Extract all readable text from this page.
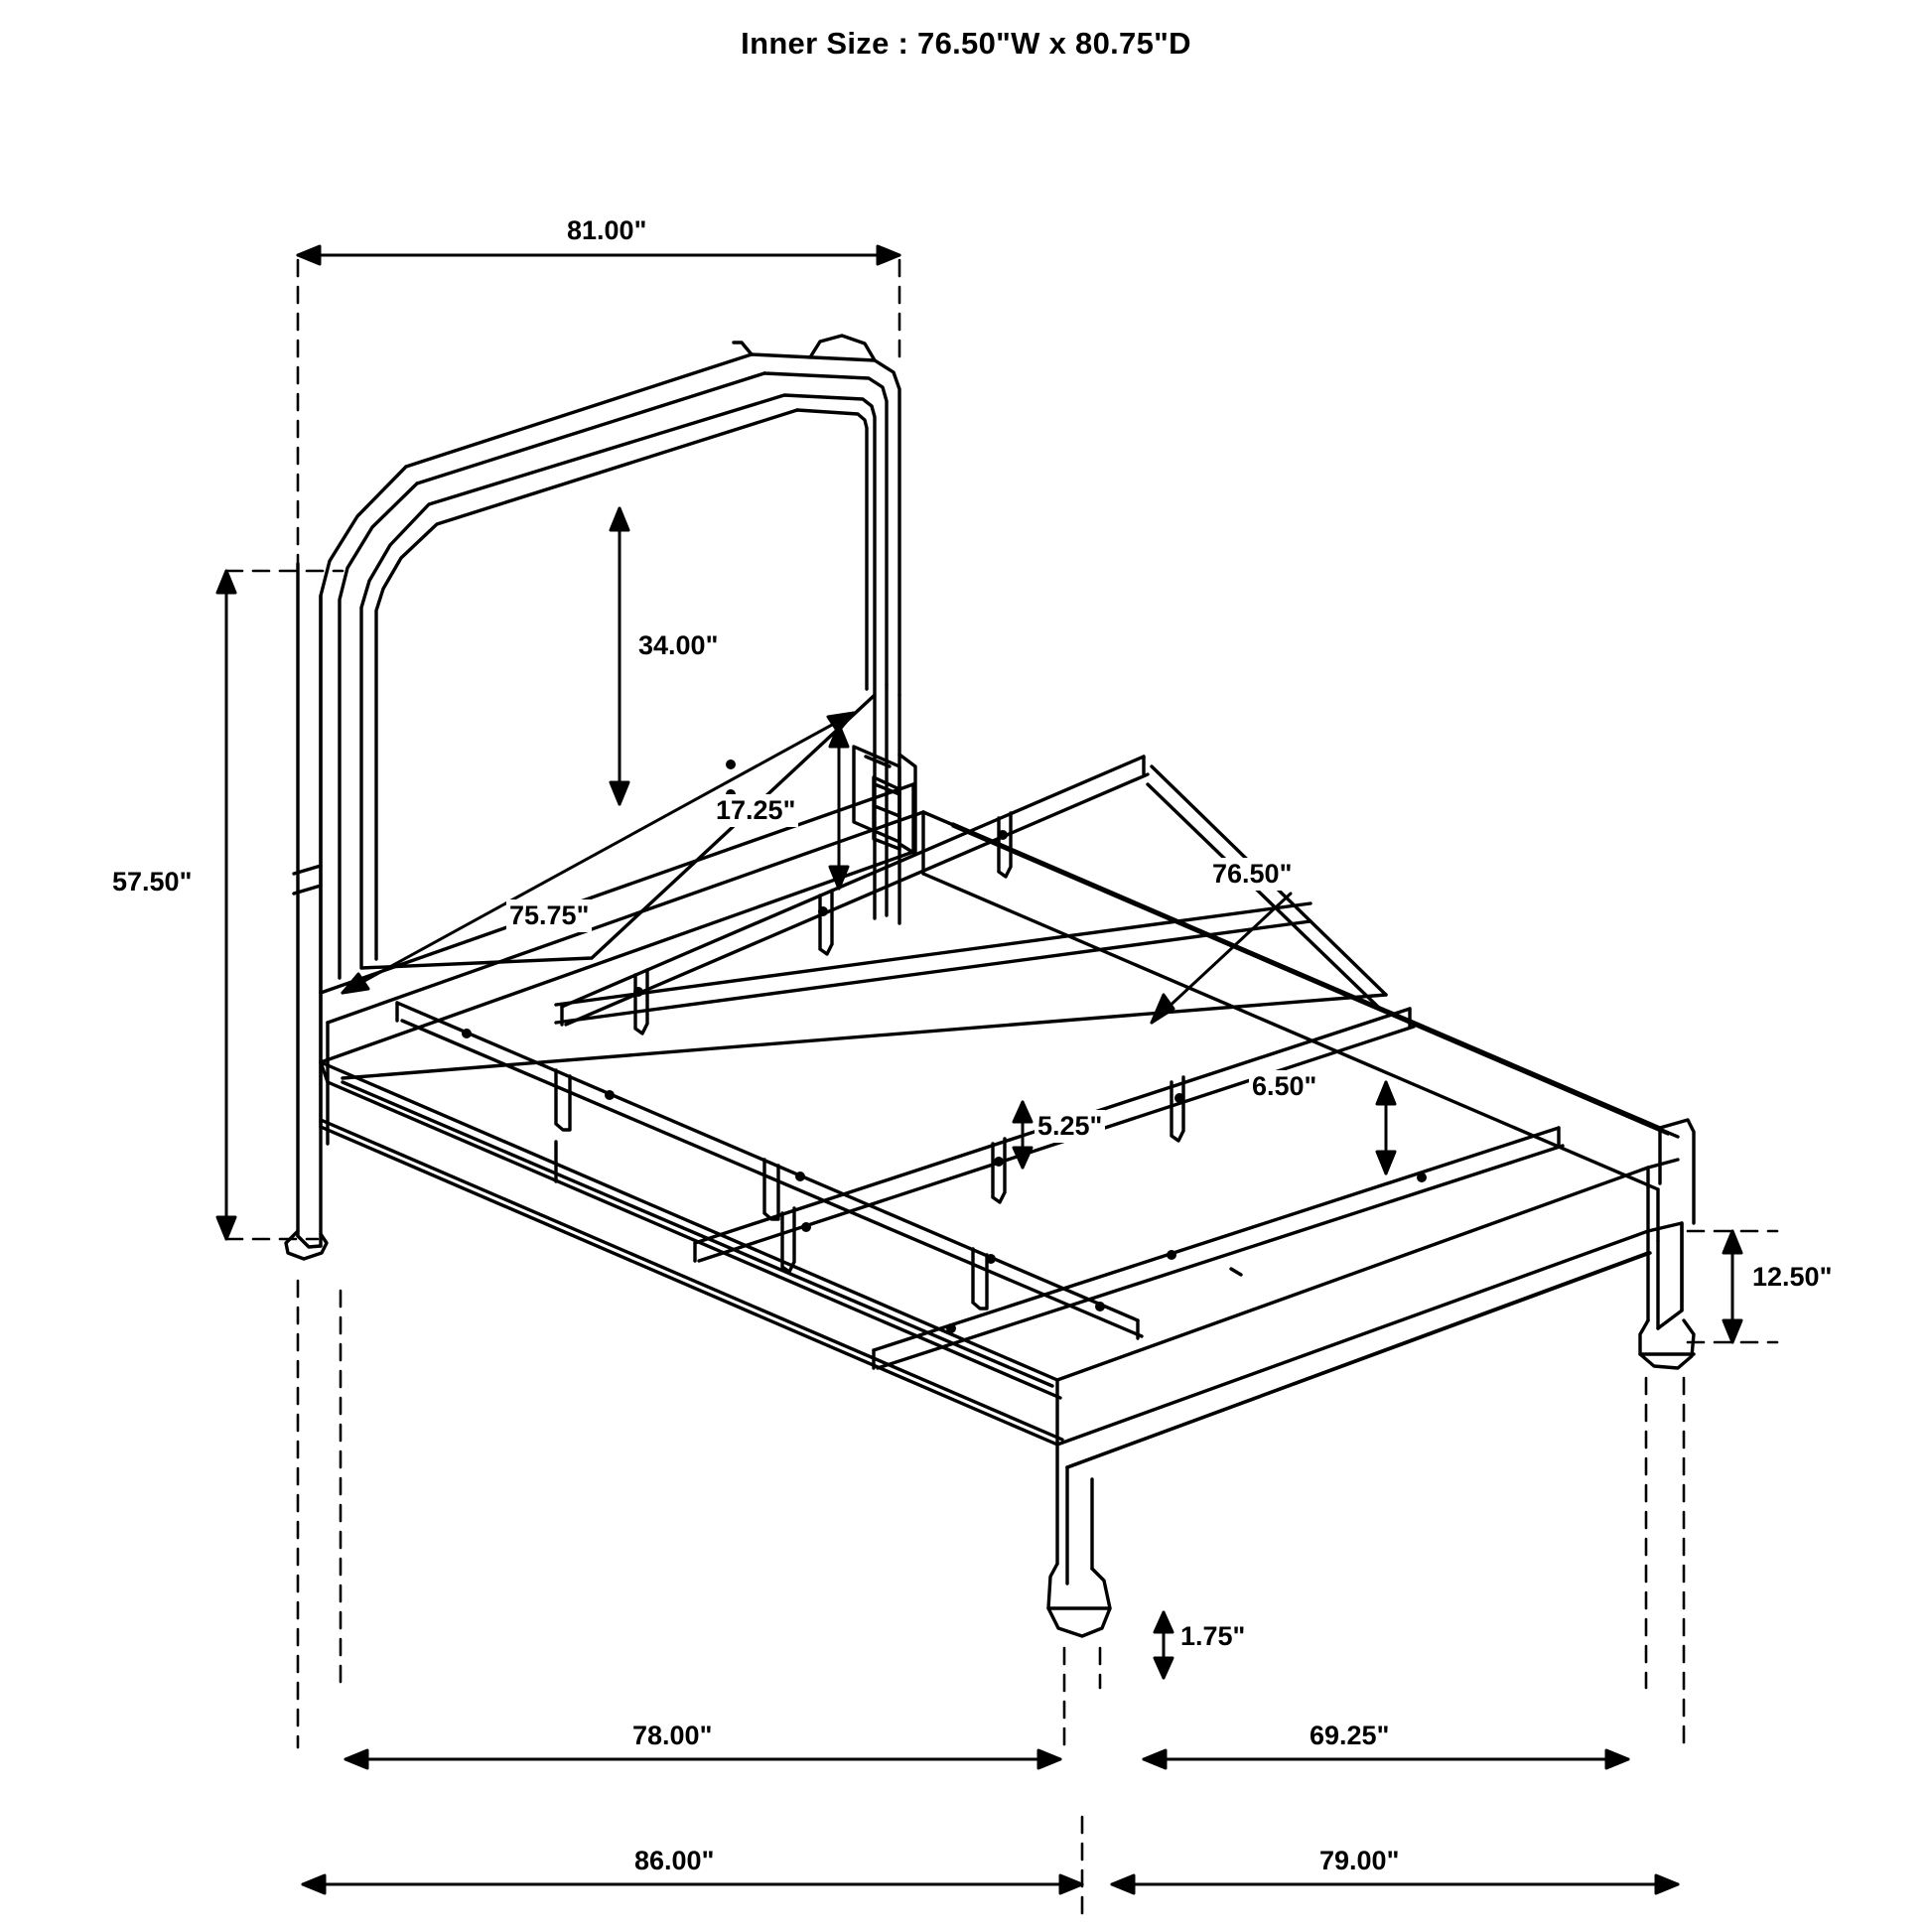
Inner Size : 76.50"W x 80.75"D
81.00"
57.50"
34.00"
17.25"
75.75"
76.50"
6.50"
5.25"
12.50"
1.75"
78.00"	69.25"
86.00"	79.00"
